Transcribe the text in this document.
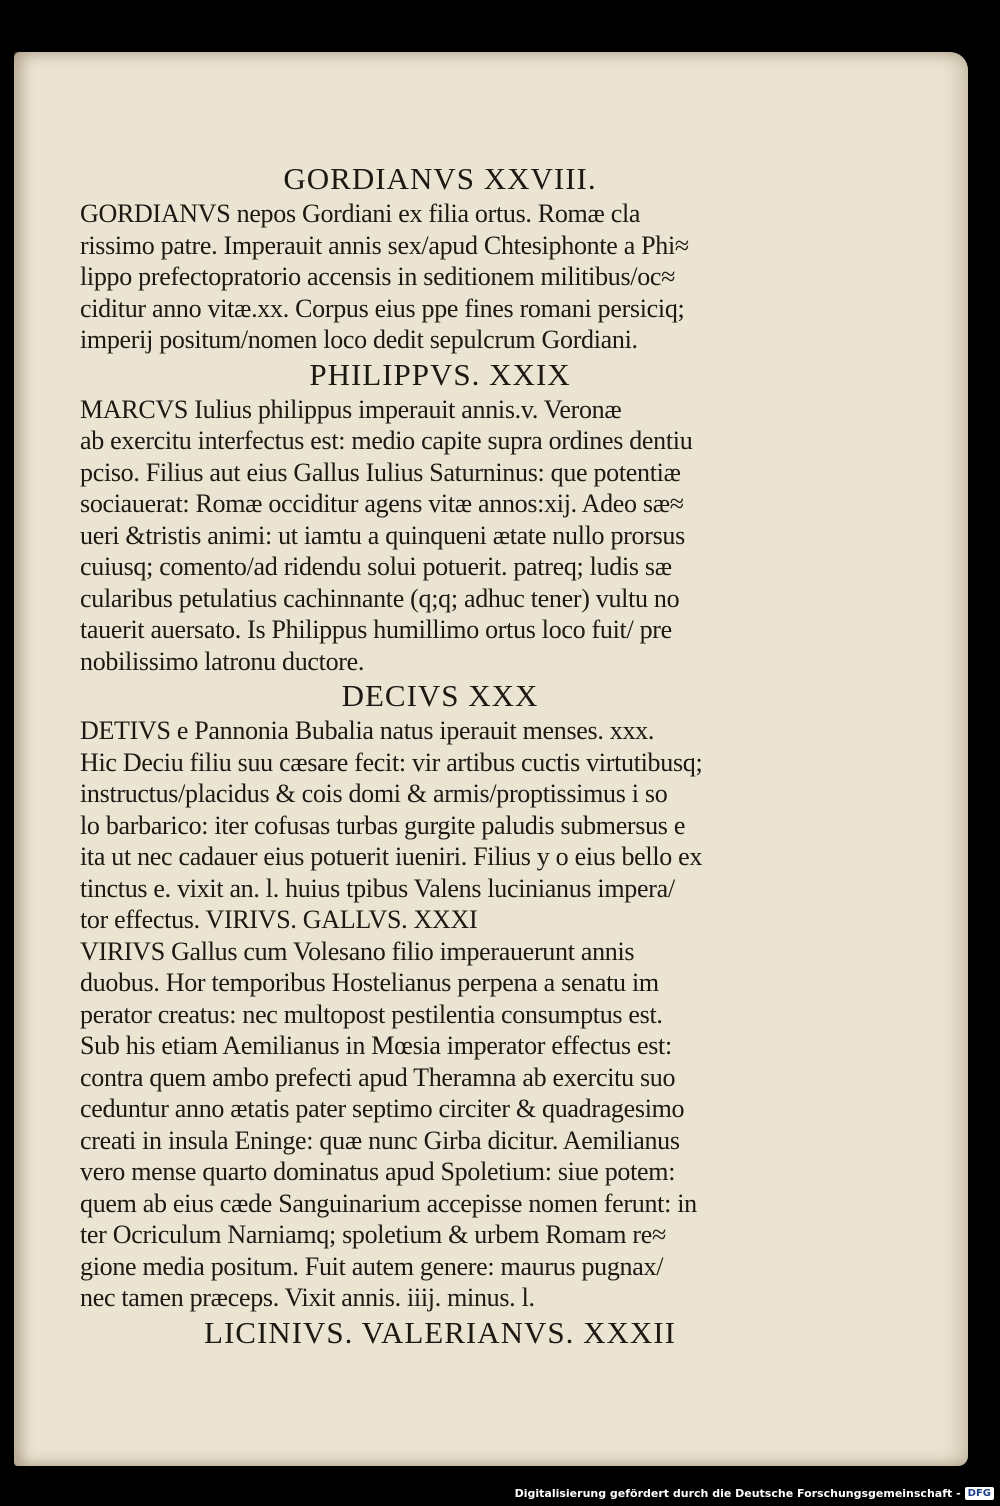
GORDIANVS XXVIII.

GORDIANVS nepos Gordiani ex filia ortus. Romæ cla

rissimo patre. Imperauit annis sex/apud Chtesiphonte a Phi≈

lippo prefectopratorio accensis in seditionem militibus/oc≈

ciditur anno vitæ.xx. Corpus eius ppe fines romani persiciq;

imperij positum/nomen loco dedit sepulcrum Gordiani.

PHILIPPVS. XXIX

MARCVS Iulius philippus imperauit annis.v. Veronæ

ab exercitu interfectus est: medio capite supra ordines dentiu

pciso. Filius aut eius Gallus Iulius Saturninus: que potentiæ

sociauerat: Romæ occiditur agens vitæ annos:xij. Adeo sæ≈

ueri &tristis animi: ut iamtu a quinqueni ætate nullo prorsus

cuiusq; comento/ad ridendu solui potuerit. patreq; ludis sæ

cularibus petulatius cachinnante (q;q; adhuc tener) vultu no

tauerit auersato. Is Philippus humillimo ortus loco fuit/ pre

nobilissimo latronu ductore.

DECIVS XXX

DETIVS e Pannonia Bubalia natus iperauit menses. xxx.

Hic Deciu filiu suu cæsare fecit: vir artibus cuctis virtutibusq;

instructus/placidus & cois domi & armis/proptissimus i so

lo barbarico: iter cofusas turbas gurgite paludis submersus e

ita ut nec cadauer eius potuerit iueniri. Filius y o eius bello ex

tinctus e. vixit an. l. huius tpibus Valens lucinianus impera/

tor effectus. VIRIVS. GALLVS. XXXI

VIRIVS Gallus cum Volesano filio imperauerunt annis

duobus. Hor temporibus Hostelianus perpena a senatu im

perator creatus: nec multopost pestilentia consumptus est.

Sub his etiam Aemilianus in Mœsia imperator effectus est:

contra quem ambo prefecti apud Theramna ab exercitu suo

ceduntur anno ætatis pater septimo circiter & quadragesimo

creati in insula Eninge: quæ nunc Girba dicitur. Aemilianus

vero mense quarto dominatus apud Spoletium: siue potem:

quem ab eius cæde Sanguinarium accepisse nomen ferunt: in

ter Ocriculum Narniamq; spoletium & urbem Romam re≈

gione media positum. Fuit autem genere: maurus pugnax/

nec tamen præceps. Vixit annis. iiij. minus. l.

LICINIVS. VALERIANVS. XXXII

Digitalisierung gefördert durch die Deutsche Forschungsgemeinschaft - DFG
